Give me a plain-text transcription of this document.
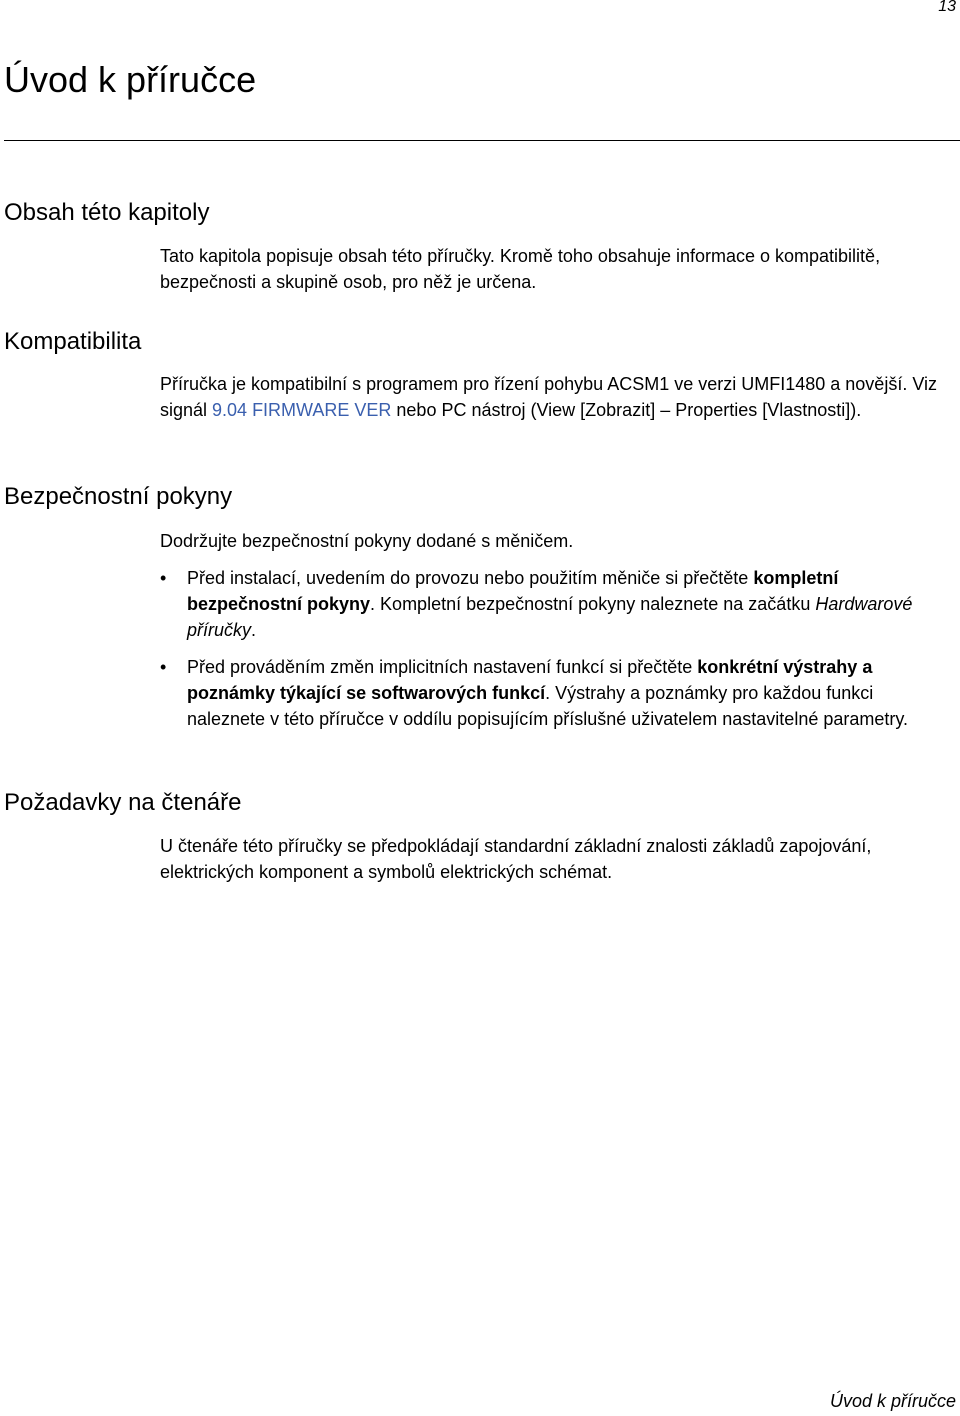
13
Úvod k příručce
Obsah této kapitoly

Tato kapitola popisuje obsah této příručky. Kromě toho obsahuje informace o kompatibilitě, bezpečnosti a skupině osob, pro něž je určena.

Kompatibilita

Příručka je kompatibilní s programem pro řízení pohybu ACSM1 ve verzi UMFI1480 a novější. Viz signál 9.04 FIRMWARE VER nebo PC nástroj (View [Zobrazit] – Properties [Vlastnosti]).

Bezpečnostní pokyny

Dodržujte bezpečnostní pokyny dodané s měničem.

• Před instalací, uvedením do provozu nebo použitím měniče si přečtěte kompletní bezpečnostní pokyny. Kompletní bezpečnostní pokyny naleznete na začátku Hardwarové příručky.
• Před prováděním změn implicitních nastavení funkcí si přečtěte konkrétní výstrahy a poznámky týkající se softwarových funkcí. Výstrahy a poznámky pro každou funkci naleznete v této příručce v oddílu popisujícím příslušné uživatelem nastavitelné parametry.
Požadavky na čtenáře

U čtenáře této příručky se předpokládají standardní základní znalosti základů zapojování, elektrických komponent a symbolů elektrických schémat.

Úvod k příručce
